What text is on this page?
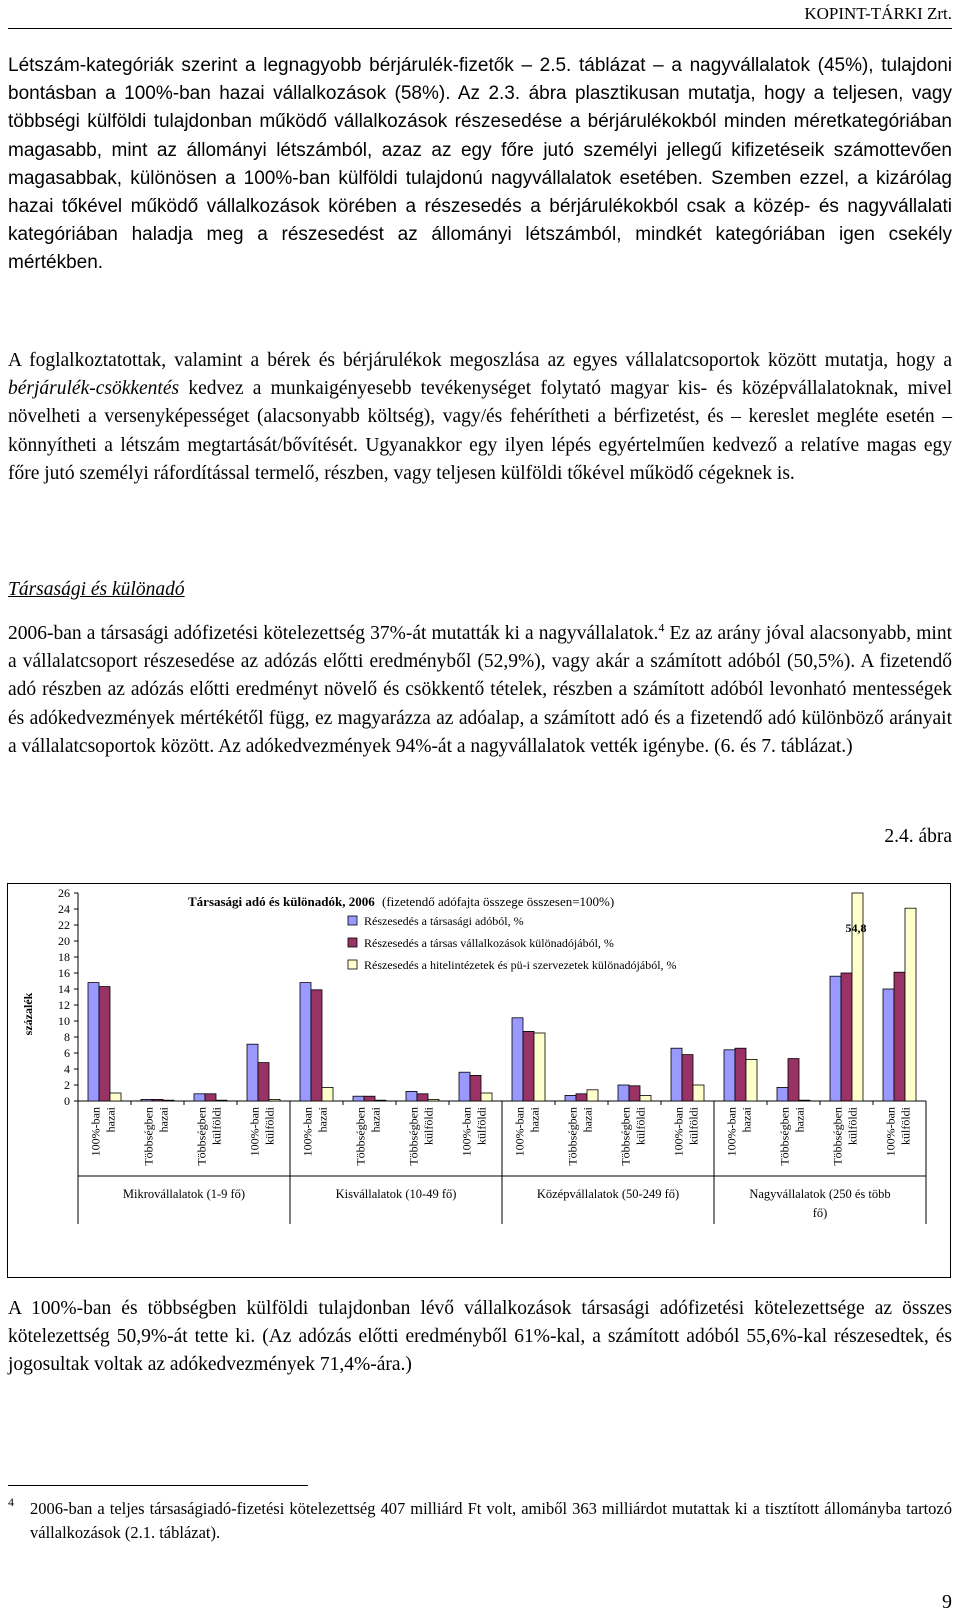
KOPINT-TÁRKI Zrt.
Létszám-kategóriák szerint a legnagyobb bérjárulék-fizetők – 2.5. táblázat – a nagyvállalatok (45%), tulajdoni bontásban a 100%-ban hazai vállalkozások (58%). Az 2.3. ábra plasztikusan mutatja, hogy a teljesen, vagy többségi külföldi tulajdonban működő vállalkozások részesedése a bérjárulékokból minden méretkategóriában magasabb, mint az állományi létszámból, azaz az egy főre jutó személyi jellegű kifizetéseik számottevően magasabbak, különösen a 100%-ban külföldi tulajdonú nagyvállalatok esetében. Szemben ezzel, a kizárólag hazai tőkével működő vállalkozások körében a részesedés a bérjárulékokból csak a közép- és nagyvállalati kategóriában haladja meg a részesedést az állományi létszámból, mindkét kategóriában igen csekély mértékben.
A foglalkoztatottak, valamint a bérek és bérjárulékok megoszlása az egyes vállalatcsoportok között mutatja, hogy a bérjárulék-csökkentés kedvez a munkaigényesebb tevékenységet folytató magyar kis- és középvállalatoknak, mivel növelheti a versenyképességet (alacsonyabb költség), vagy/és fehérítheti a bérfizetést, és – kereslet megléte esetén – könnyítheti a létszám megtartását/bővítését. Ugyanakkor egy ilyen lépés egyértelműen kedvező a relatíve magas egy főre jutó személyi ráfordítással termelő, részben, vagy teljesen külföldi tőkével működő cégeknek is.
Társasági és különadó
2006-ban a társasági adófizetési kötelezettség 37%-át mutatták ki a nagyvállalatok.$^4$ Ez az arány jóval alacsonyabb, mint a vállalatcsoport részesedése az adózás előtti eredményből (52,9%), vagy akár a számított adóból (50,5%). A fizetendő adó részben az adózás előtti eredményt növelő és csökkentő tételek, részben a számított adóból levonható mentességek és adókedvezmények mértékétől függ, ez magyarázza az adóalap, a számított adó és a fizetendő adó különböző arányait a vállalatcsoportok között. Az adókedvezmények 94%-át a nagyvállalatok vették igénybe. (6. és 7. táblázat.)
2.4. ábra
Társasági adó és különadók, 2006 (fizetendő adófajta összege összesen=100%)
százalék
0
2
4
6
8
10
12
14
16
18
20
22
24
26
100%-ban hazai Többségben hazai Többségben külföldi 100%-ban külföldi 100%-ban hazai Többségben hazai Többségben külföldi 100%-ban külföldi 100%-ban hazai Többségben hazai Többségben külföldi 100%-ban külföldi 100%-ban hazai Többségben hazai Többségben külföldi 100%-ban külföldi
Mikrovállalatok (1-9 fő)	Kisvállalatok (10-49 fő)	Középvállalatok (50-249 fő)	Nagyvállalatok (250 és több
fő)
Részesedés a társasági adóból, %
Részesedés a társas vállalkozások különadójából, %
Részesedés a hitelintézetek és pü-i szervezetek különadójából, %
54,8
A 100%-ban és többségben külföldi tulajdonban lévő vállalkozások társasági adófizetési kötelezettsége az összes kötelezettség 50,9%-át tette ki. (Az adózás előtti eredményből 61%-kal, a számított adóból 55,6%-kal részesedtek, és jogosultak voltak az adókedvezmények 71,4%-ára.)
4 2006-ban a teljes társaságiadó-fizetési kötelezettség 407 milliárd Ft volt, amiből 363 milliárdot mutattak ki a tisztított állományba tartozó vállalkozások (2.1. táblázat).
9
